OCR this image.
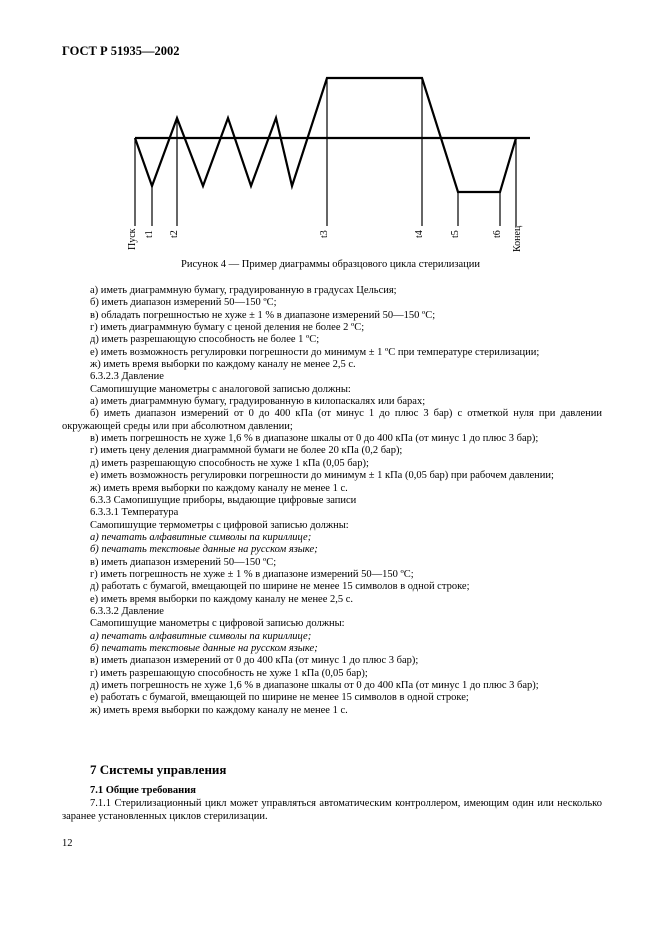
ГОСТ Р 51935—2002
Пуск t1 t2	t3	t4	t5	t6 Конец
Рисунок 4 — Пример диаграммы образцового цикла стерилизации
а) иметь диаграммную бумагу, градуированную в градусах Цельсия;
б) иметь диапазон измерений 50—150 ºС;
в) обладать погрешностью не хуже ± 1 % в диапазоне измерений 50—150 ºС;
г) иметь диаграммную бумагу с ценой деления не более 2 ºС;
д) иметь разрешающую способность не более 1 ºС;
е) иметь возможность регулировки погрешности до минимум ± 1 ºС при температуре стерилизации;
ж) иметь время выборки по каждому каналу не менее 2,5 с.
6.3.2.3 Давление
Самопишущие манометры с аналоговой записью должны:
а) иметь диаграммную бумагу, градуированную в килопаскалях или барах;
б) иметь диапазон измерений от 0 до 400 кПа (от минус 1 до плюс 3 бар) с отметкой нуля при давлении окружающей среды или при абсолютном давлении;
в) иметь погрешность не хуже 1,6 % в диапазоне шкалы от 0 до 400 кПа (от минус 1 до плюс 3 бар);
г) иметь цену деления диаграммной бумаги не более 20 кПа (0,2 бар);
д) иметь разрешающую способность не хуже 1 кПа (0,05 бар);
е) иметь возможность регулировки погрешности до минимум ± 1 кПа (0,05 бар) при рабочем давлении;
ж) иметь время выборки по каждому каналу не менее 1 с.
6.3.3 Самопишущие приборы, выдающие цифровые записи
6.3.3.1 Температура
Самопишущие термометры с цифровой записью должны:
а) печатать алфавитные символы па кириллице;
б) печатать текстовые данные на русском языке;
в) иметь диапазон измерений 50—150 ºС;
г) иметь погрешность не хуже ± 1 % в диапазоне измерений 50—150 ºС;
д) работать с бумагой, вмещающей по ширине не менее 15 символов в одной строке;
е) иметь время выборки по каждому каналу не менее 2,5 с.
6.3.3.2 Давление
Самопишущие манометры с цифровой записью должны:
а) печатать алфавитные символы па кириллице;
б) печатать текстовые данные на русском языке;
в) иметь диапазон измерений от 0 до 400 кПа (от минус 1 до плюс 3 бар);
г) иметь разрешающую способность не хуже 1 кПа (0,05 бар);
д) иметь погрешность не хуже 1,6 % в диапазоне шкалы от 0 до 400 кПа (от минус 1 до плюс 3 бар);
е) работать с бумагой, вмещающей по ширине не менее 15 символов в одной строке;
ж) иметь время выборки по каждому каналу не менее 1 с.
7 Системы управления
7.1 Общие требования
7.1.1 Стерилизационный цикл может управляться автоматическим контроллером, имеющим один или несколько заранее установленных циклов стерилизации.
12
